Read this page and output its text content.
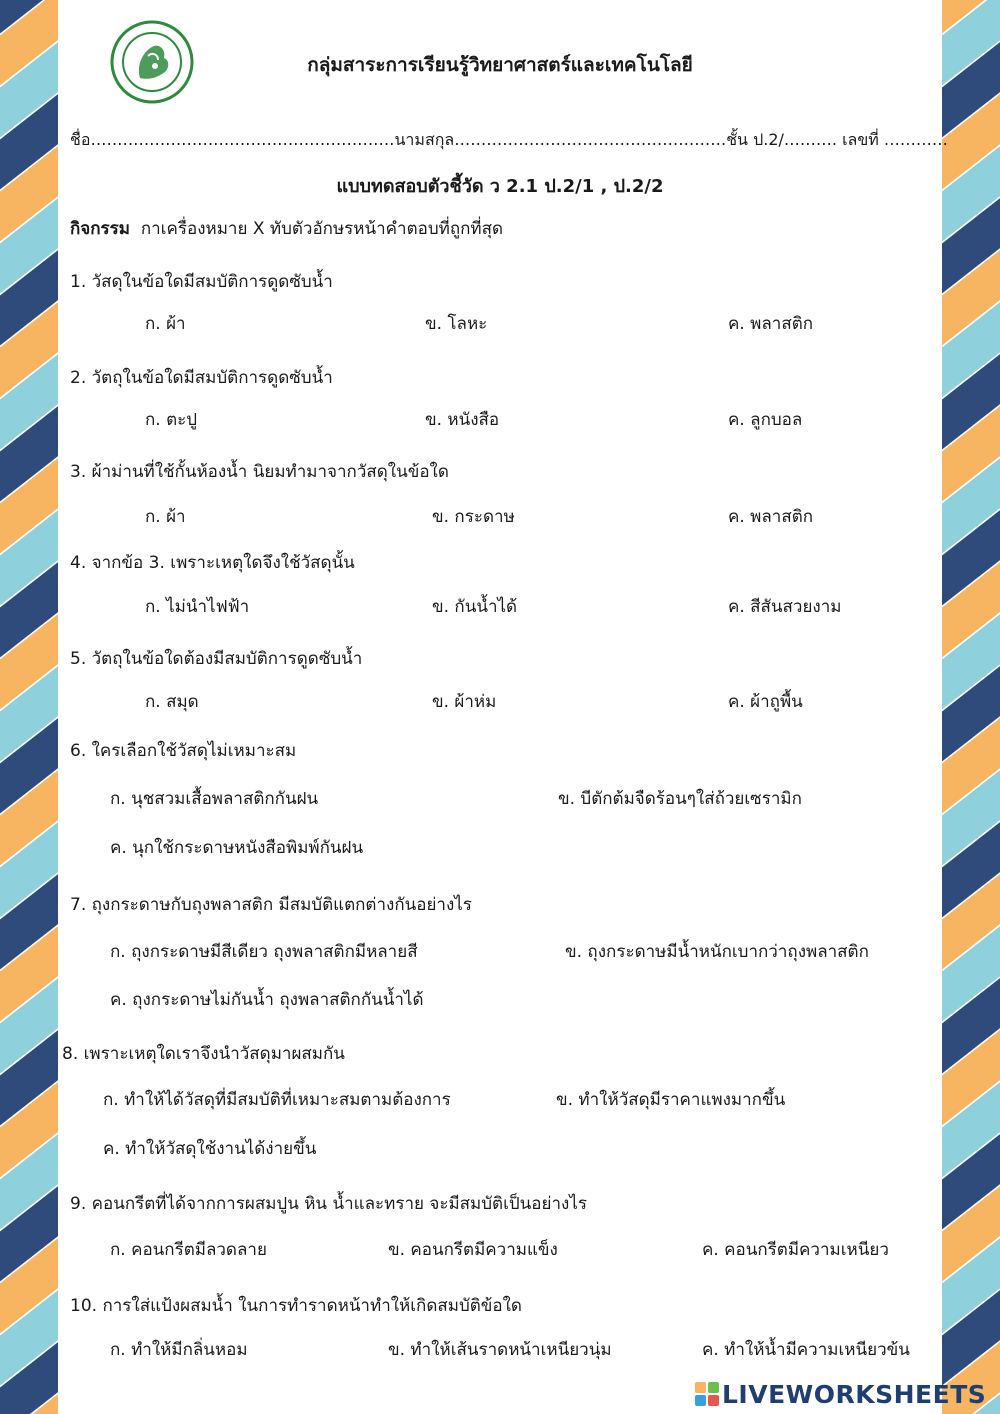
กลุ่มสาระการเรียนรู้วิทยาศาสตร์และเทคโนโลยี
ชื่อ…………………………………………………นามสกุล……………………………………………ชั้น ป.2/………. เลขที่ …………
แบบทดสอบตัวชี้วัด ว 2.1 ป.2/1 , ป.2/2
กิจกรรม กาเครื่องหมาย X ทับตัวอักษรหน้าคำตอบที่ถูกที่สุด
1. วัสดุในข้อใดมีสมบัติการดูดซับน้ำ
ก. ผ้า	ข. โลหะ	ค. พลาสติก
2. วัตถุในข้อใดมีสมบัติการดูดซับน้ำ
ก. ตะปู	ข. หนังสือ	ค. ลูกบอล
3. ผ้าม่านที่ใช้กั้นห้องน้ำ นิยมทำมาจากวัสดุในข้อใด
ก. ผ้า	ข. กระดาษ	ค. พลาสติก
4. จากข้อ 3. เพราะเหตุใดจึงใช้วัสดุนั้น
ก. ไม่นำไฟฟ้า	ข. กันน้ำได้	ค. สีสันสวยงาม
5. วัตถุในข้อใดต้องมีสมบัติการดูดซับน้ำ
ก. สมุด	ข. ผ้าห่ม	ค. ผ้าถูพื้น
6. ใครเลือกใช้วัสดุไม่เหมาะสม
ก. นุชสวมเสื้อพลาสติกกันฝน	ข. บีตักต้มจืดร้อนๆใส่ถ้วยเซรามิก
ค. นุกใช้กระดาษหนังสือพิมพ์กันฝน
7. ถุงกระดาษกับถุงพลาสติก มีสมบัติแตกต่างกันอย่างไร
ก. ถุงกระดาษมีสีเดียว ถุงพลาสติกมีหลายสี	ข. ถุงกระดาษมีน้ำหนักเบากว่าถุงพลาสติก
ค. ถุงกระดาษไม่กันน้ำ ถุงพลาสติกกันน้ำได้
8. เพราะเหตุใดเราจึงนำวัสดุมาผสมกัน
ก. ทำให้ได้วัสดุที่มีสมบัติที่เหมาะสมตามต้องการ	ข. ทำให้วัสดุมีราคาแพงมากขึ้น
ค. ทำให้วัสดุใช้งานได้ง่ายขึ้น
9. คอนกรีตที่ได้จากการผสมปูน หิน น้ำและทราย จะมีสมบัติเป็นอย่างไร
ก. คอนกรีตมีลวดลาย	ข. คอนกรีตมีความแข็ง	ค. คอนกรีตมีความเหนียว
10. การใส่แป้งผสมน้ำ ในการทำราดหน้าทำให้เกิดสมบัติข้อใด
ก. ทำให้มีกลิ่นหอม	ข. ทำให้เส้นราดหน้าเหนียวนุ่ม	ค. ทำให้น้ำมีความเหนียวข้น
LIVEWORKSHEETS
